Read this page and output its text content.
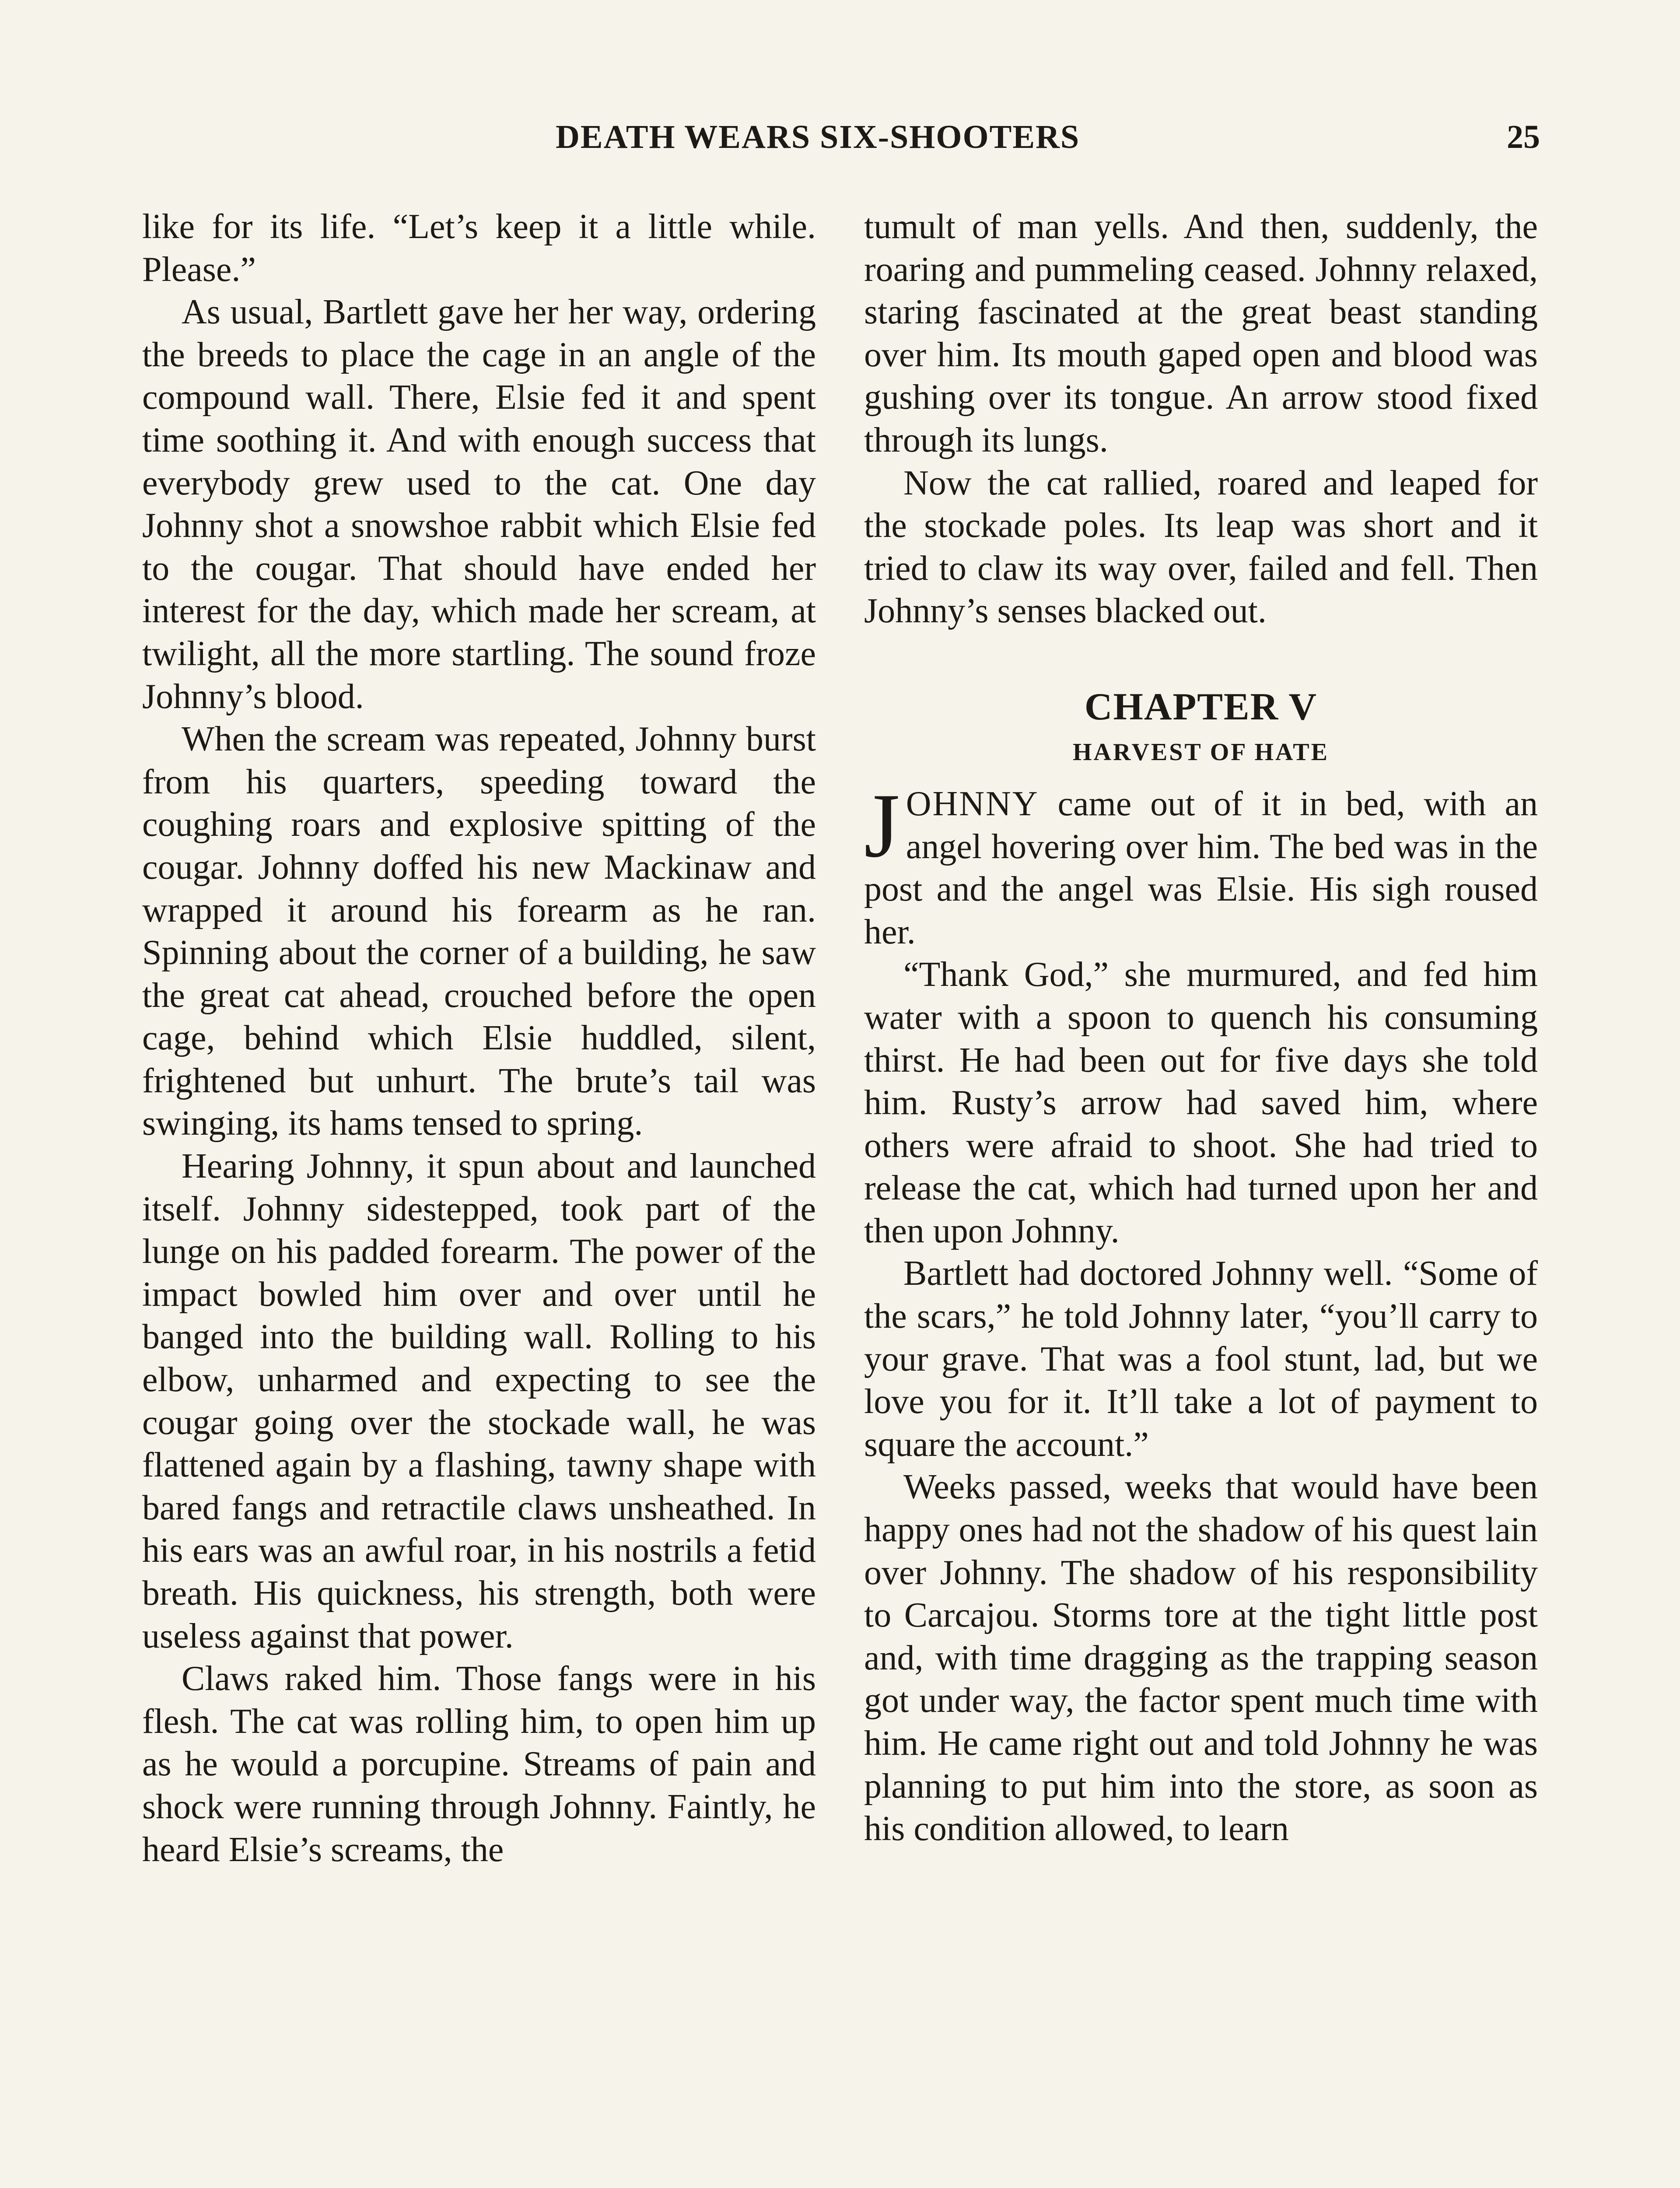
DEATH WEARS SIX-SHOOTERS	25

like for its life. “Let’s keep it a little while. Please.”

As usual, Bartlett gave her her way, ordering the breeds to place the cage in an angle of the compound wall. There, Elsie fed it and spent time soothing it. And with enough success that everybody grew used to the cat. One day Johnny shot a snowshoe rabbit which Elsie fed to the cougar. That should have ended her interest for the day, which made her scream, at twilight, all the more startling. The sound froze Johnny’s blood.

When the scream was repeated, Johnny burst from his quarters, speeding toward the coughing roars and explosive spitting of the cougar. Johnny doffed his new Mackinaw and wrapped it around his forearm as he ran. Spinning about the corner of a building, he saw the great cat ahead, crouched before the open cage, behind which Elsie huddled, silent, frightened but unhurt. The brute’s tail was swinging, its hams tensed to spring.

Hearing Johnny, it spun about and launched itself. Johnny sidestepped, took part of the lunge on his padded forearm. The power of the impact bowled him over and over until he banged into the building wall. Rolling to his elbow, unharmed and expecting to see the cougar going over the stockade wall, he was flattened again by a flashing, tawny shape with bared fangs and retractile claws unsheathed. In his ears was an awful roar, in his nostrils a fetid breath. His quickness, his strength, both were useless against that power.

Claws raked him. Those fangs were in his flesh. The cat was rolling him, to open him up as he would a porcupine. Streams of pain and shock were running through Johnny. Faintly, he heard Elsie’s screams, the

tumult of man yells. And then, suddenly, the roaring and pummeling ceased. Johnny relaxed, staring fascinated at the great beast standing over him. Its mouth gaped open and blood was gushing over its tongue. An arrow stood fixed through its lungs.

Now the cat rallied, roared and leaped for the stockade poles. Its leap was short and it tried to claw its way over, failed and fell. Then Johnny’s senses blacked out.

CHAPTER V
HARVEST OF HATE

JOHNNY came out of it in bed, with an angel hovering over him. The bed was in the post and the angel was Elsie. His sigh roused her.

“Thank God,” she murmured, and fed him water with a spoon to quench his consuming thirst. He had been out for five days she told him. Rusty’s arrow had saved him, where others were afraid to shoot. She had tried to release the cat, which had turned upon her and then upon Johnny.

Bartlett had doctored Johnny well. “Some of the scars,” he told Johnny later, “you’ll carry to your grave. That was a fool stunt, lad, but we love you for it. It’ll take a lot of payment to square the account.”

Weeks passed, weeks that would have been happy ones had not the shadow of his quest lain over Johnny. The shadow of his responsibility to Carcajou. Storms tore at the tight little post and, with time dragging as the trapping season got under way, the factor spent much time with him. He came right out and told Johnny he was planning to put him into the store, as soon as his condition allowed, to learn
